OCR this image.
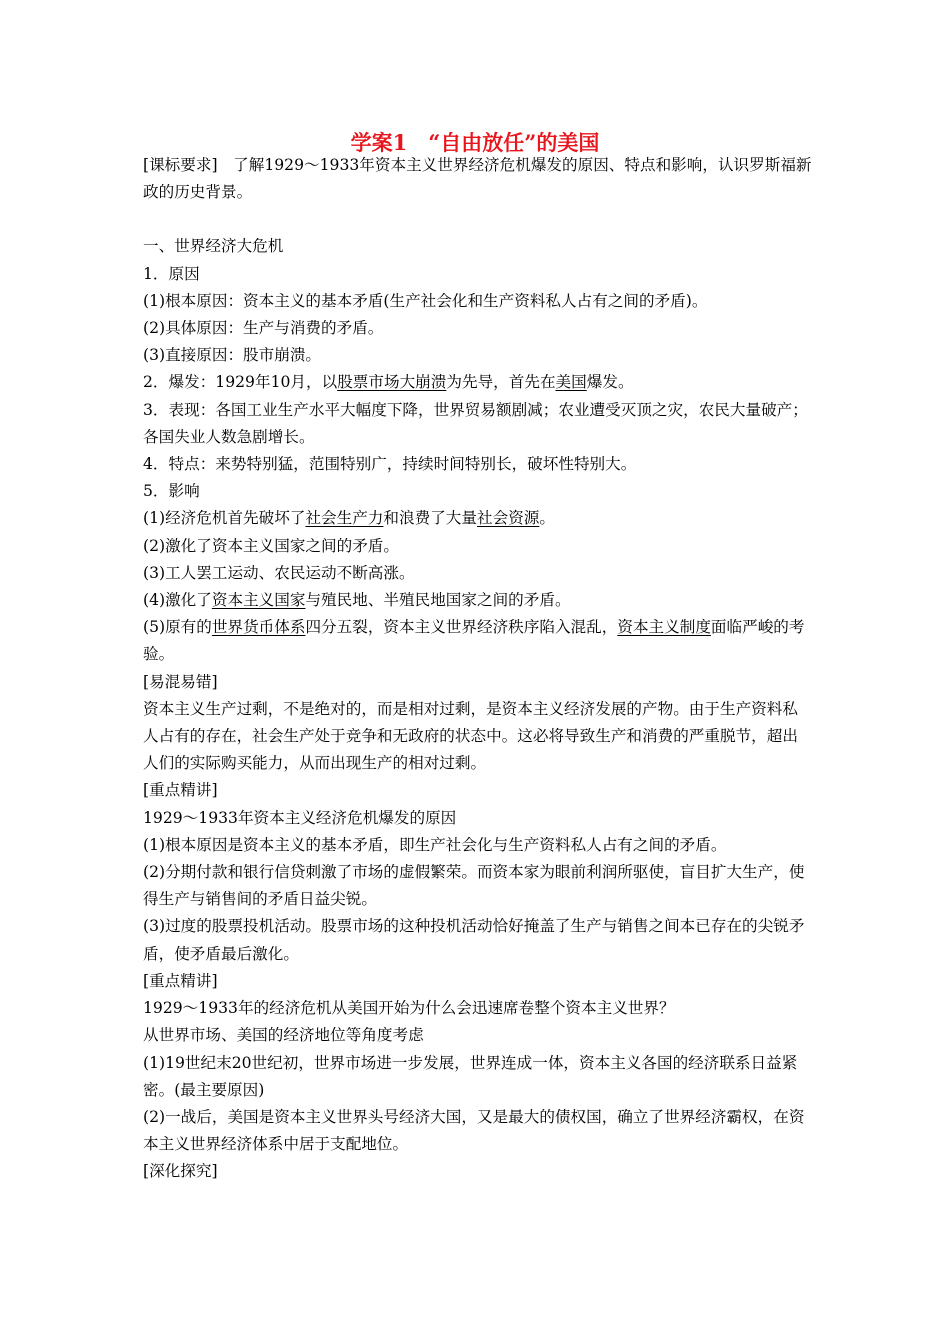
学案1　“自由放任”的美国

[课标要求]　了解1929～1933年资本主义世界经济危机爆发的原因、特点和影响，认识罗斯福新政的历史背景。

一、世界经济大危机

1．原因

(1)根本原因：资本主义的基本矛盾(生产社会化和生产资料私人占有之间的矛盾)。

(2)具体原因：生产与消费的矛盾。

(3)直接原因：股市崩溃。

2．爆发：1929年10月，以股票市场大崩溃为先导，首先在美国爆发。

3．表现：各国工业生产水平大幅度下降，世界贸易额剧减；农业遭受灭顶之灾，农民大量破产；各国失业人数急剧增长。

4．特点：来势特别猛，范围特别广，持续时间特别长，破坏性特别大。

5．影响

(1)经济危机首先破坏了社会生产力和浪费了大量社会资源。

(2)激化了资本主义国家之间的矛盾。

(3)工人罢工运动、农民运动不断高涨。

(4)激化了资本主义国家与殖民地、半殖民地国家之间的矛盾。

(5)原有的世界货币体系四分五裂，资本主义世界经济秩序陷入混乱，资本主义制度面临严峻的考验。

[易混易错]

资本主义生产过剩，不是绝对的，而是相对过剩，是资本主义经济发展的产物。由于生产资料私人占有的存在，社会生产处于竞争和无政府的状态中。这必将导致生产和消费的严重脱节，超出人们的实际购买能力，从而出现生产的相对过剩。

[重点精讲]

1929～1933年资本主义经济危机爆发的原因

(1)根本原因是资本主义的基本矛盾，即生产社会化与生产资料私人占有之间的矛盾。

(2)分期付款和银行信贷刺激了市场的虚假繁荣。而资本家为眼前利润所驱使，盲目扩大生产，使得生产与销售间的矛盾日益尖锐。

(3)过度的股票投机活动。股票市场的这种投机活动恰好掩盖了生产与销售之间本已存在的尖锐矛盾，使矛盾最后激化。

[重点精讲]

1929～1933年的经济危机从美国开始为什么会迅速席卷整个资本主义世界？

从世界市场、美国的经济地位等角度考虑

(1)19世纪末20世纪初，世界市场进一步发展，世界连成一体，资本主义各国的经济联系日益紧密。(最主要原因)

(2)一战后，美国是资本主义世界头号经济大国，又是最大的债权国，确立了世界经济霸权，在资本主义世界经济体系中居于支配地位。

[深化探究]
